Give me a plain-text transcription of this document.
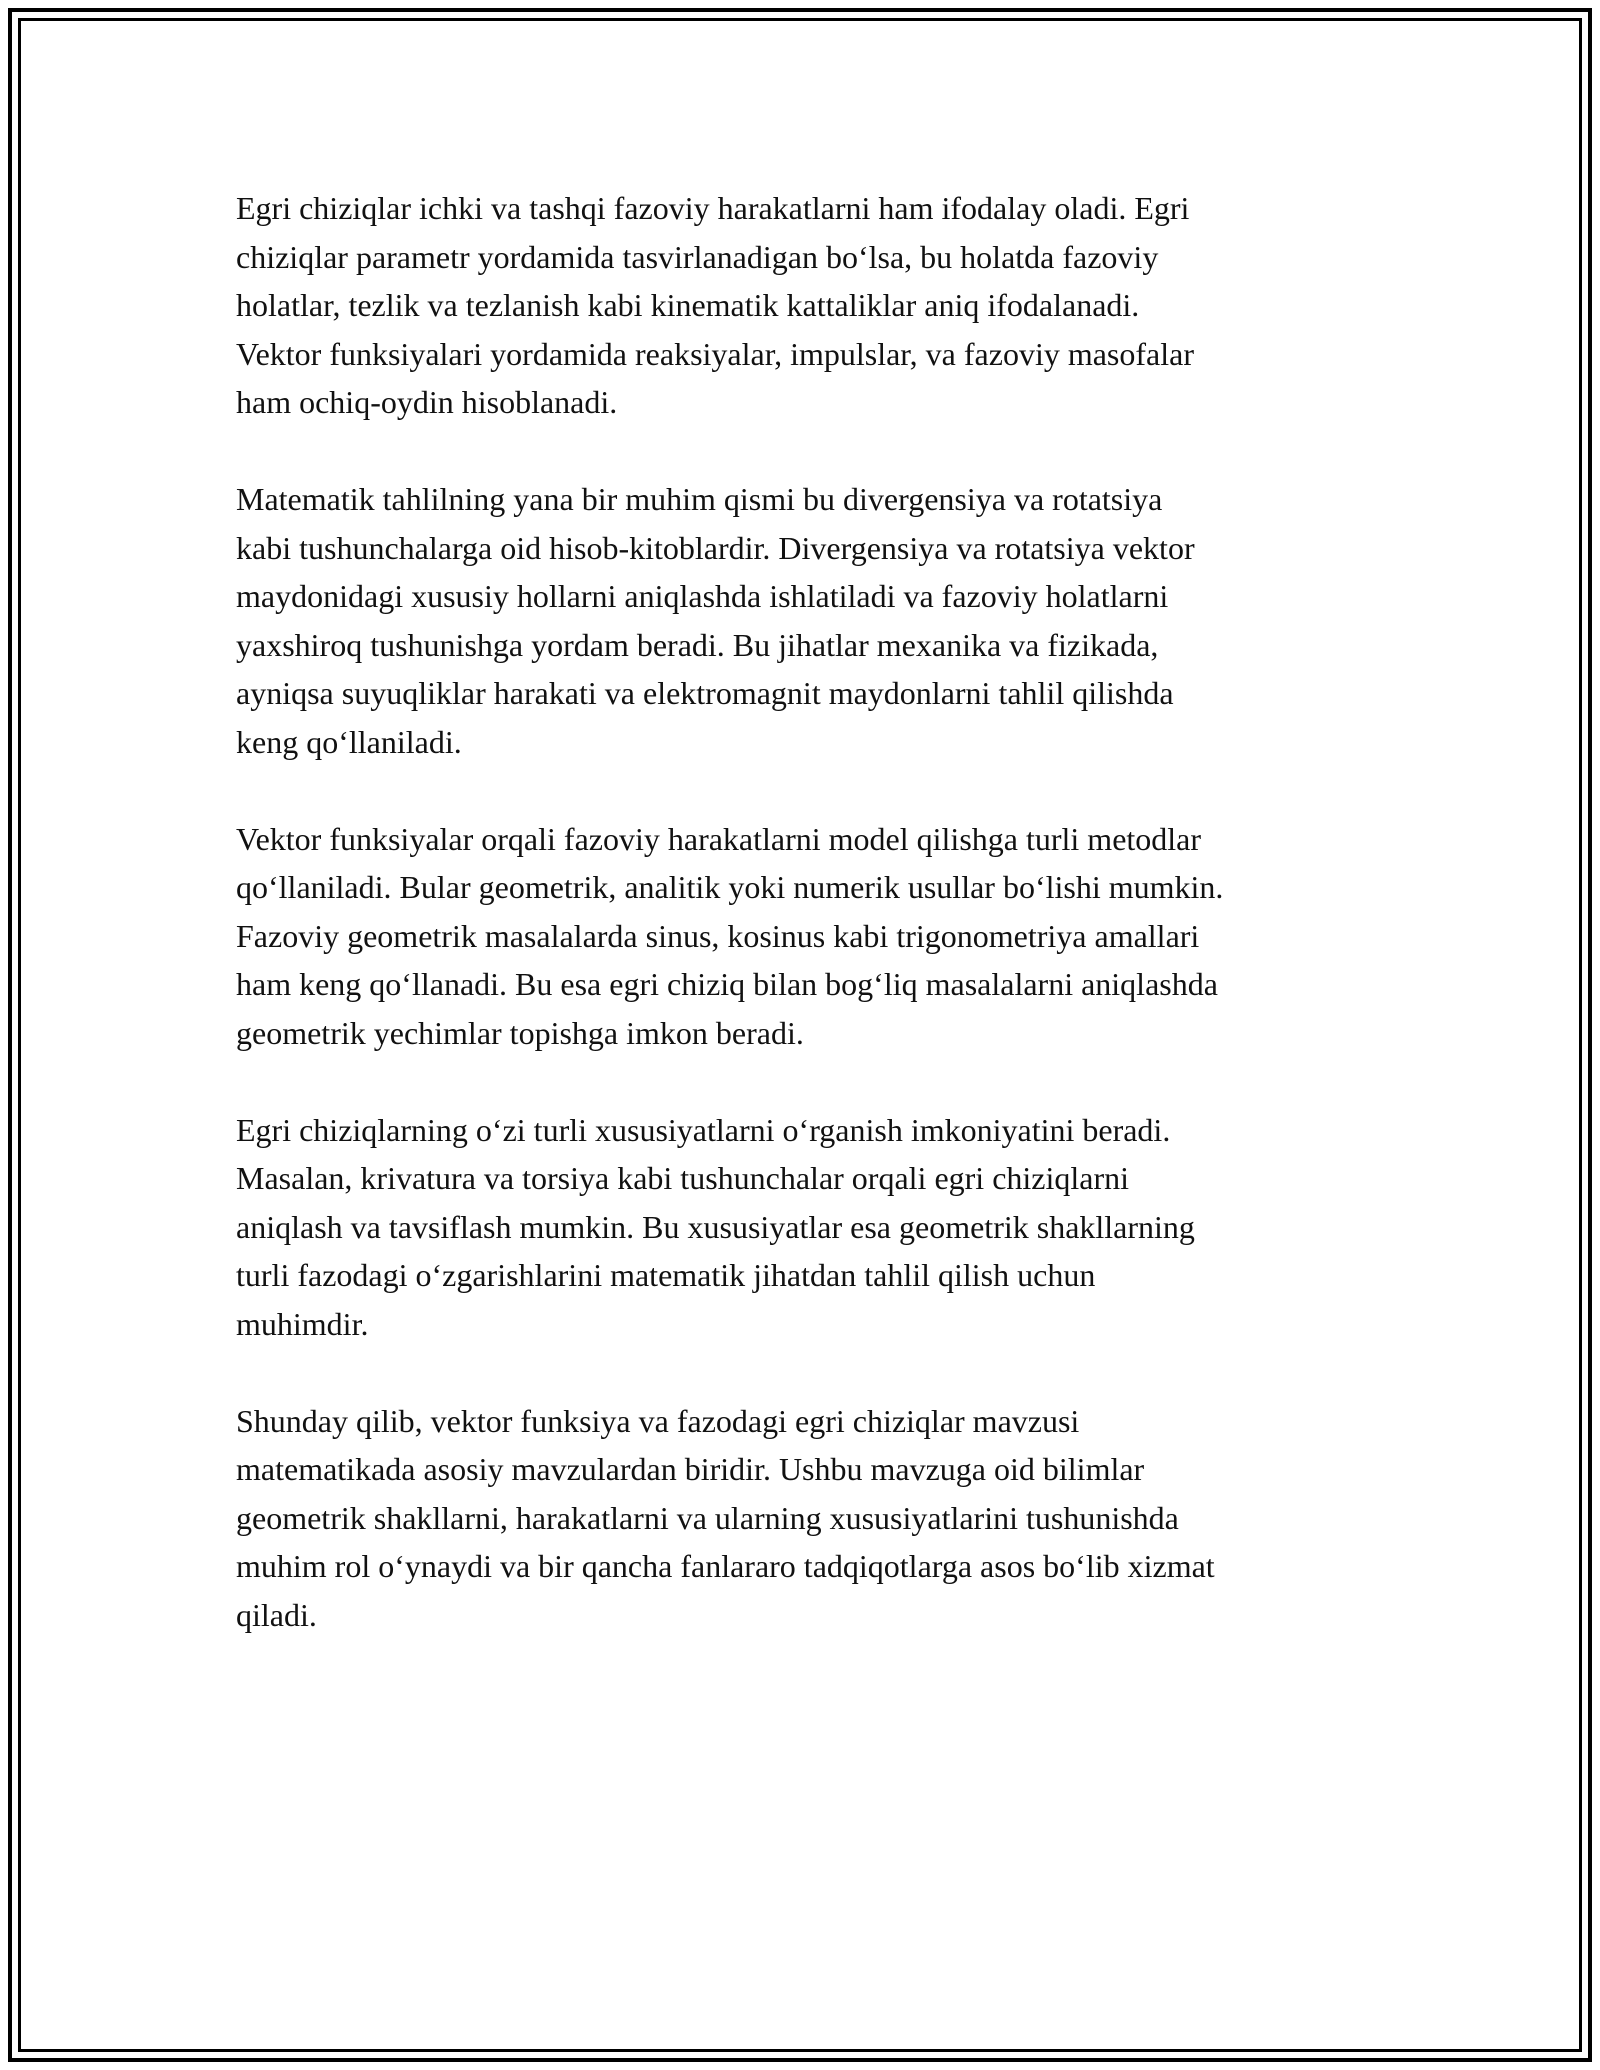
Egri chiziqlar ichki va tashqi fazoviy harakatlarni ham ifodalay oladi. Egri
chiziqlar parametr yordamida tasvirlanadigan boʻlsa, bu holatda fazoviy
holatlar, tezlik va tezlanish kabi kinematik kattaliklar aniq ifodalanadi.
Vektor funksiyalari yordamida reaksiyalar, impulslar, va fazoviy masofalar
ham ochiq-oydin hisoblanadi.

Matematik tahlilning yana bir muhim qismi bu divergensiya va rotatsiya
kabi tushunchalarga oid hisob-kitoblardir. Divergensiya va rotatsiya vektor
maydonidagi xususiy hollarni aniqlashda ishlatiladi va fazoviy holatlarni
yaxshiroq tushunishga yordam beradi. Bu jihatlar mexanika va fizikada,
ayniqsa suyuqliklar harakati va elektromagnit maydonlarni tahlil qilishda
keng qoʻllaniladi.

Vektor funksiyalar orqali fazoviy harakatlarni model qilishga turli metodlar
qoʻllaniladi. Bular geometrik, analitik yoki numerik usullar boʻlishi mumkin.
Fazoviy geometrik masalalarda sinus, kosinus kabi trigonometriya amallari
ham keng qoʻllanadi. Bu esa egri chiziq bilan bogʻliq masalalarni aniqlashda
geometrik yechimlar topishga imkon beradi.

Egri chiziqlarning oʻzi turli xususiyatlarni oʻrganish imkoniyatini beradi.
Masalan, krivatura va torsiya kabi tushunchalar orqali egri chiziqlarni
aniqlash va tavsiflash mumkin. Bu xususiyatlar esa geometrik shakllarning
turli fazodagi oʻzgarishlarini matematik jihatdan tahlil qilish uchun
muhimdir.

Shunday qilib, vektor funksiya va fazodagi egri chiziqlar mavzusi
matematikada asosiy mavzulardan biridir. Ushbu mavzuga oid bilimlar
geometrik shakllarni, harakatlarni va ularning xususiyatlarini tushunishda
muhim rol oʻynaydi va bir qancha fanlararo tadqiqotlarga asos boʻlib xizmat
qiladi.
